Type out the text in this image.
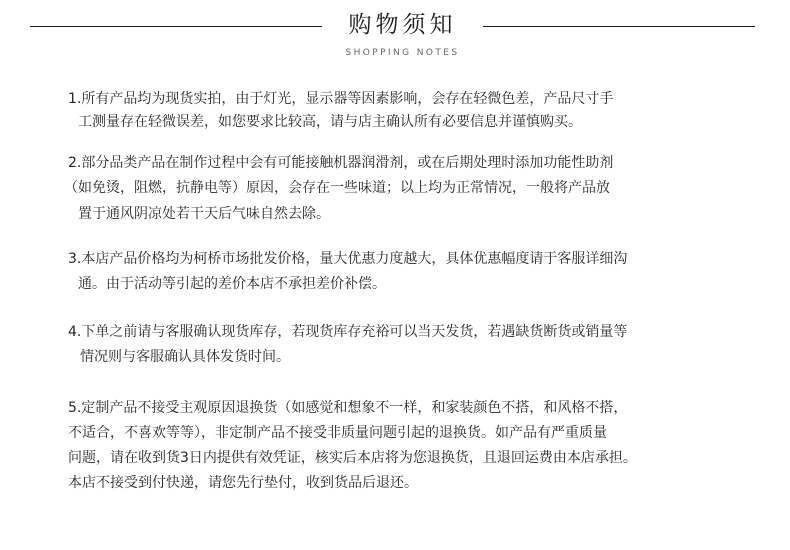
购物须知
SHOPPING NOTES
1.所有产品均为现货实拍，由于灯光，显示器等因素影响，会存在轻微色差，产品尺寸手
工测量存在轻微误差，如您要求比较高，请与店主确认所有必要信息并谨慎购买。
2.部分品类产品在制作过程中会有可能接触机器润滑剂，或在后期处理时添加功能性助剂
（如免烫，阻燃，抗静电等）原因，会存在一些味道；以上均为正常情况，一般将产品放
置于通风阴凉处若干天后气味自然去除。
3.本店产品价格均为柯桥市场批发价格，量大优惠力度越大，具体优惠幅度请于客服详细沟
通。由于活动等引起的差价本店不承担差价补偿。
4.下单之前请与客服确认现货库存，若现货库存充裕可以当天发货，若遇缺货断货或销量等
情况则与客服确认具体发货时间。
5.定制产品不接受主观原因退换货（如感觉和想象不一样，和家装颜色不搭，和风格不搭，
不适合，不喜欢等等），非定制产品不接受非质量问题引起的退换货。如产品有严重质量
问题，请在收到货3日内提供有效凭证，核实后本店将为您退换货，且退回运费由本店承担。
本店不接受到付快递，请您先行垫付，收到货品后退还。
